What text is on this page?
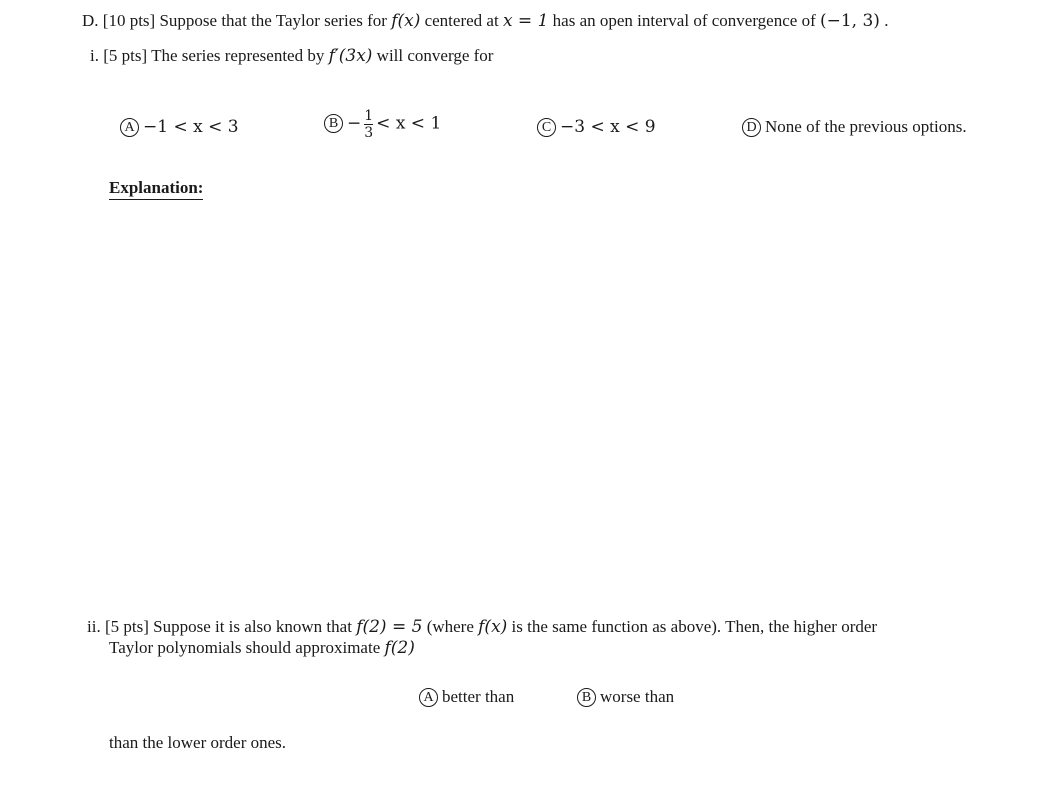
D. [10 pts] Suppose that the Taylor series for f(x) centered at x = 1 has an open interval of convergence of (−1, 3) .
i. [5 pts] The series represented by f′(3x) will converge for
A −1 < x < 3	$B - \frac{1}{3} < x < 1$	C −3 < x < 9	D None of the previous options.
Explanation:
ii. [5 pts] Suppose it is also known that f(2) = 5 (where f(x) is the same function as above). Then, the higher order
Taylor polynomials should approximate f(2)
A better than	B worse than
than the lower order ones.
